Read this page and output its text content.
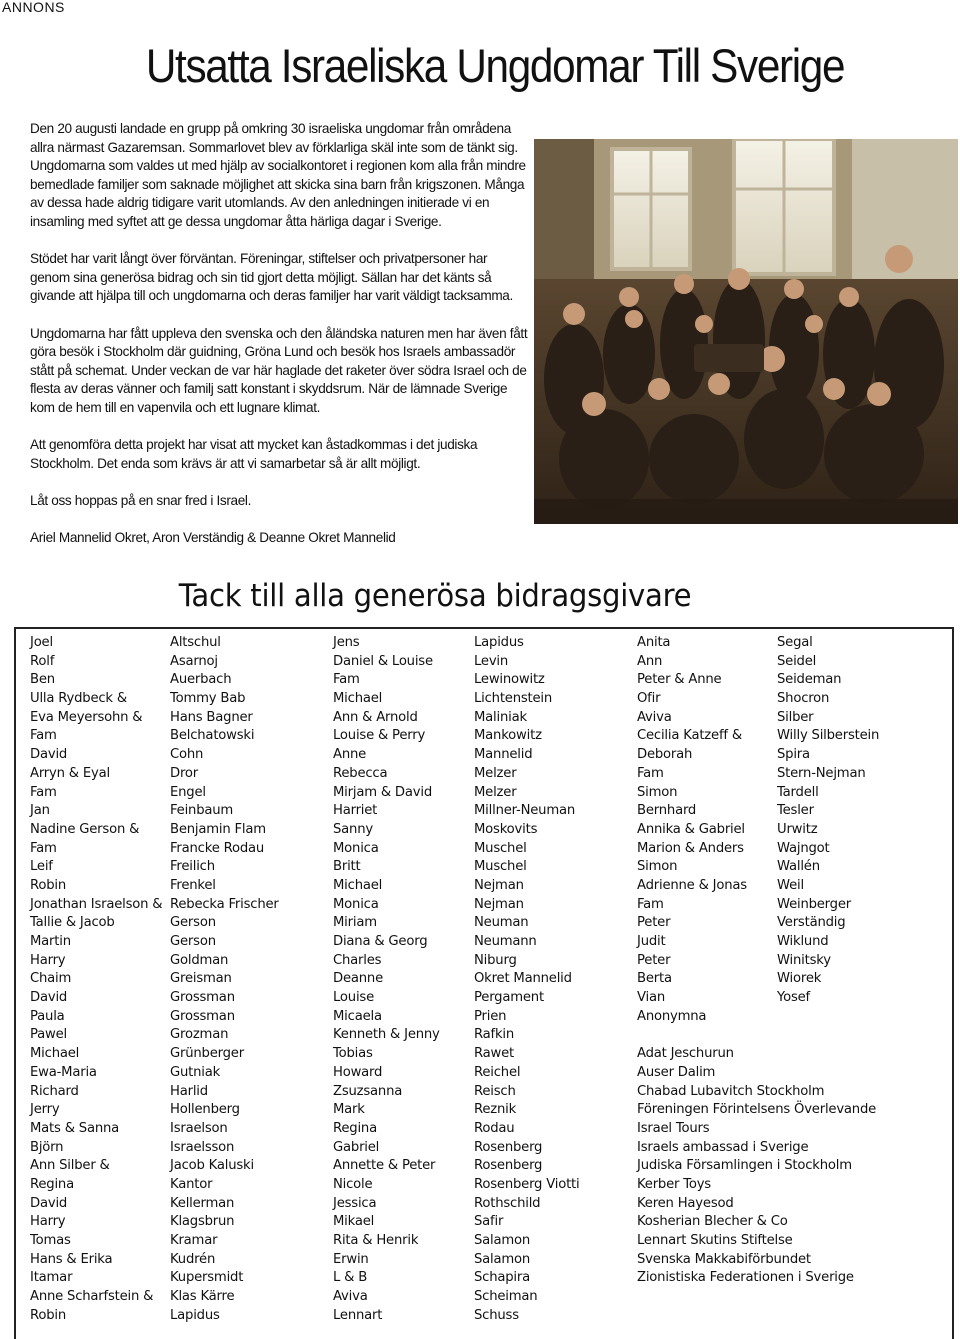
ANNONS
Utsatta Israeliska Ungdomar Till Sverige

Den 20 augusti landade en grupp på omkring 30 israeliska ungdomar från områdena allra närmast Gazaremsan. Sommarlovet blev av förklarliga skäl inte som de tänkt sig. Ungdomarna som valdes ut med hjälp av socialkontoret i regionen kom alla från mindre bemedlade familjer som saknade möjlighet att skicka sina barn från krigszonen. Många av dessa hade aldrig tidigare varit utomlands. Av den anledningen initierade vi en insamling med syftet att ge dessa ungdomar åtta härliga dagar i Sverige.

Stödet har varit långt över förväntan. Föreningar, stiftelser och privatpersoner har genom sina generösa bidrag och sin tid gjort detta möjligt. Sällan har det känts så givande att hjälpa till och ungdomarna och deras familjer har varit väldigt tacksamma.

Ungdomarna har fått uppleva den svenska och den åländska naturen men har även fått göra besök i Stockholm där guidning, Gröna Lund och besök hos Israels ambassadör stått på schemat. Under veckan de var här haglade det raketer över södra Israel och de flesta av deras vänner och familj satt konstant i skyddsrum. När de lämnade Sverige kom de hem till en vapenvila och ett lugnare klimat.

Att genomföra detta projekt har visat att mycket kan åstadkommas i det judiska Stockholm. Det enda som krävs är att vi samarbetar så är allt möjligt.

Låt oss hoppas på en snar fred i Israel.

Ariel Mannelid Okret, Aron Verständig & Deanne Okret Mannelid

Tack till alla generösa bidragsgivare
Joel
Rolf
Ben
Ulla Rydbeck &
Eva Meyersohn &
Fam
David
Arryn & Eyal
Fam
Jan
Nadine Gerson &
Fam
Leif
Robin
Jonathan Israelson &
Tallie & Jacob
Martin
Harry
Chaim
David
Paula
Pawel
Michael
Ewa-Maria
Richard
Jerry
Mats & Sanna
Björn
Ann Silber &
Regina
David
Harry
Tomas
Hans & Erika
Itamar
Anne Scharfstein &
Robin
Altschul
Asarnoj
Auerbach
Tommy Bab
Hans Bagner
Belchatowski
Cohn
Dror
Engel
Feinbaum
Benjamin Flam
Francke Rodau
Freilich
Frenkel
Rebecka Frischer
Gerson
Gerson
Goldman
Greisman
Grossman
Grossman
Grozman
Grünberger
Gutniak
Harlid
Hollenberg
Israelson
Israelsson
Jacob Kaluski
Kantor
Kellerman
Klagsbrun
Kramar
Kudrén
Kupersmidt
Klas Kärre
Lapidus
Jens
Daniel & Louise
Fam
Michael
Ann & Arnold
Louise & Perry
Anne
Rebecca
Mirjam & David
Harriet
Sanny
Monica
Britt
Michael
Monica
Miriam
Diana & Georg
Charles
Deanne
Louise
Micaela
Kenneth & Jenny
Tobias
Howard
Zsuzsanna
Mark
Regina
Gabriel
Annette & Peter
Nicole
Jessica
Mikael
Rita & Henrik
Erwin
L & B
Aviva
Lennart
Lapidus
Levin
Lewinowitz
Lichtenstein
Maliniak
Mankowitz
Mannelid
Melzer
Melzer
Millner-Neuman
Moskovits
Muschel
Muschel
Nejman
Nejman
Neuman
Neumann
Niburg
Okret Mannelid
Pergament
Prien
Rafkin
Rawet
Reichel
Reisch
Reznik
Rodau
Rosenberg
Rosenberg
Rosenberg Viotti
Rothschild
Safir
Salamon
Salamon
Schapira
Scheiman
Schuss
Anita
Ann
Peter & Anne
Ofir
Aviva
Cecilia Katzeff &
Deborah
Fam
Simon
Bernhard
Annika & Gabriel
Marion & Anders
Simon
Adrienne & Jonas
Fam
Peter
Judit
Peter
Berta
Vian
Anonymna
Adat Jeschurun
Auser Dalim
Chabad Lubavitch Stockholm
Föreningen Förintelsens Överlevande
Israel Tours
Israels ambassad i Sverige
Judiska Församlingen i Stockholm
Kerber Toys
Keren Hayesod
Kosherian Blecher & Co
Lennart Skutins Stiftelse
Svenska Makkabiförbundet
Zionistiska Federationen i Sverige
Segal
Seidel
Seideman
Shocron
Silber
Willy Silberstein
Spira
Stern-Nejman
Tardell
Tesler
Urwitz
Wajngot
Wallén
Weil
Weinberger
Verständig
Wiklund
Winitsky
Wiorek
Yosef
